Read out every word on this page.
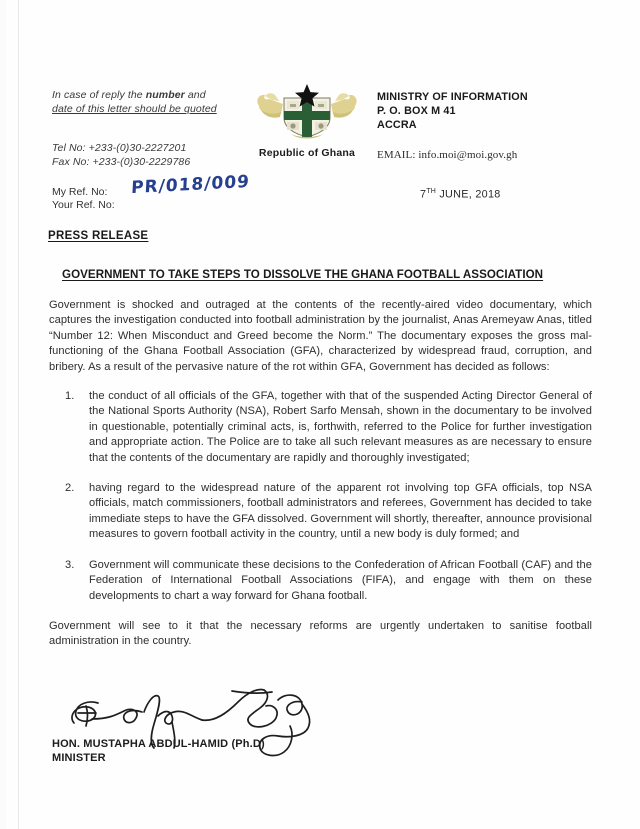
In case of reply the number and
date of this letter should be quoted
Tel No: +233-(0)30-2227201
Fax No: +233-(0)30-2229786
My Ref. No:
Your Ref. No:
PR/018/009
Republic of Ghana
MINISTRY OF INFORMATION
P. O. BOX M 41
ACCRA
EMAIL: info.moi@moi.gov.gh
7TH JUNE, 2018
PRESS RELEASE
GOVERNMENT TO TAKE STEPS TO DISSOLVE THE GHANA FOOTBALL ASSOCIATION

Government is shocked and outraged at the contents of the recently-aired video documentary, which captures the investigation conducted into football administration by the journalist, Anas Aremeyaw Anas, titled “Number 12: When Misconduct and Greed become the Norm.” The documentary exposes the gross mal-functioning of the Ghana Football Association (GFA), characterized by widespread fraud, corruption, and bribery. As a result of the pervasive nature of the rot within GFA, Government has decided as follows:

the conduct of all officials of the GFA, together with that of the suspended Acting Director General of the National Sports Authority (NSA), Robert Sarfo Mensah, shown in the documentary to be involved in questionable, potentially criminal acts, is, forthwith, referred to the Police for further investigation and appropriate action. The Police are to take all such relevant measures as are necessary to ensure that the contents of the documentary are rapidly and thoroughly investigated;
having regard to the widespread nature of the apparent rot involving top GFA officials, top NSA officials, match commissioners, football administrators and referees, Government has decided to take immediate steps to have the GFA dissolved. Government will shortly, thereafter, announce provisional measures to govern football activity in the country, until a new body is duly formed; and
Government will communicate these decisions to the Confederation of African Football (CAF) and the Federation of International Football Associations (FIFA), and engage with them on these developments to chart a way forward for Ghana football.

Government will see to it that the necessary reforms are urgently undertaken to sanitise football administration in the country.

HON. MUSTAPHA ABDUL-HAMID (Ph.D)
MINISTER
